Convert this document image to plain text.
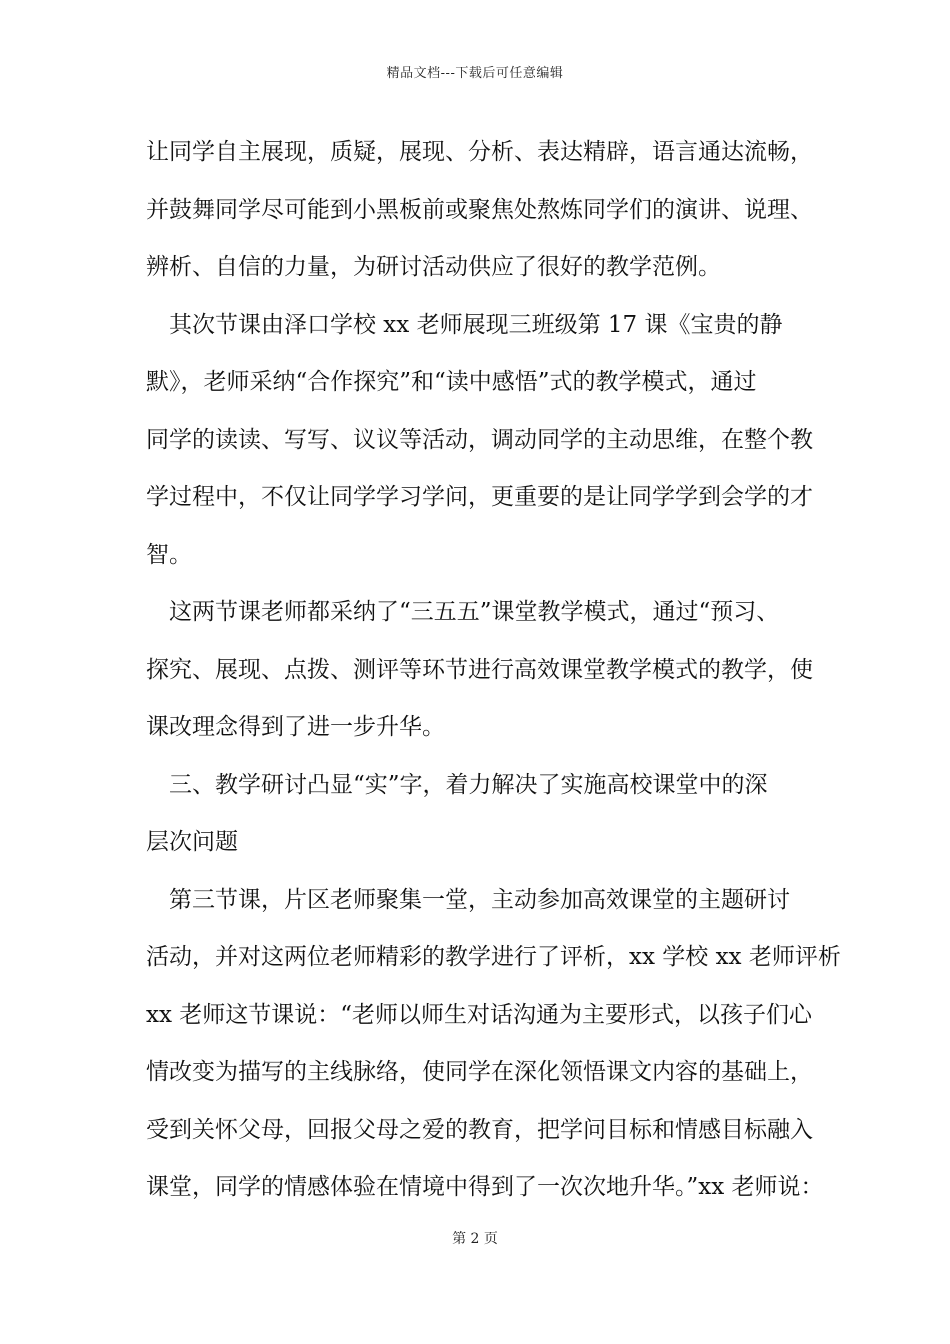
精品文档---下载后可任意编辑
让同学自主展现，质疑，展现、分析、表达精辟，语言通达流畅，
并鼓舞同学尽可能到小黑板前或聚焦处熬炼同学们的演讲、说理、
辨析、自信的力量，为研讨活动供应了很好的教学范例。
　其次节课由泽口学校 xx 老师展现三班级第 17 课《宝贵的静
默》，老师采纳“合作探究”和“读中感悟”式的教学模式，通过
同学的读读、写写、议议等活动，调动同学的主动思维，在整个教
学过程中，不仅让同学学习学问，更重要的是让同学学到会学的才
智。
　这两节课老师都采纳了“三五五”课堂教学模式，通过“预习、
探究、展现、点拨、测评等环节进行高效课堂教学模式的教学，使
课改理念得到了进一步升华。
　三、教学研讨凸显“实”字，着力解决了实施高校课堂中的深
层次问题
　第三节课，片区老师聚集一堂，主动参加高效课堂的主题研讨
活动，并对这两位老师精彩的教学进行了评析，xx 学校 xx 老师评析
xx 老师这节课说：“老师以师生对话沟通为主要形式，以孩子们心
情改变为描写的主线脉络，使同学在深化领悟课文内容的基础上，
受到关怀父母，回报父母之爱的教育，把学问目标和情感目标融入
课堂，同学的情感体验在情境中得到了一次次地升华。”xx 老师说：
第 2 页
